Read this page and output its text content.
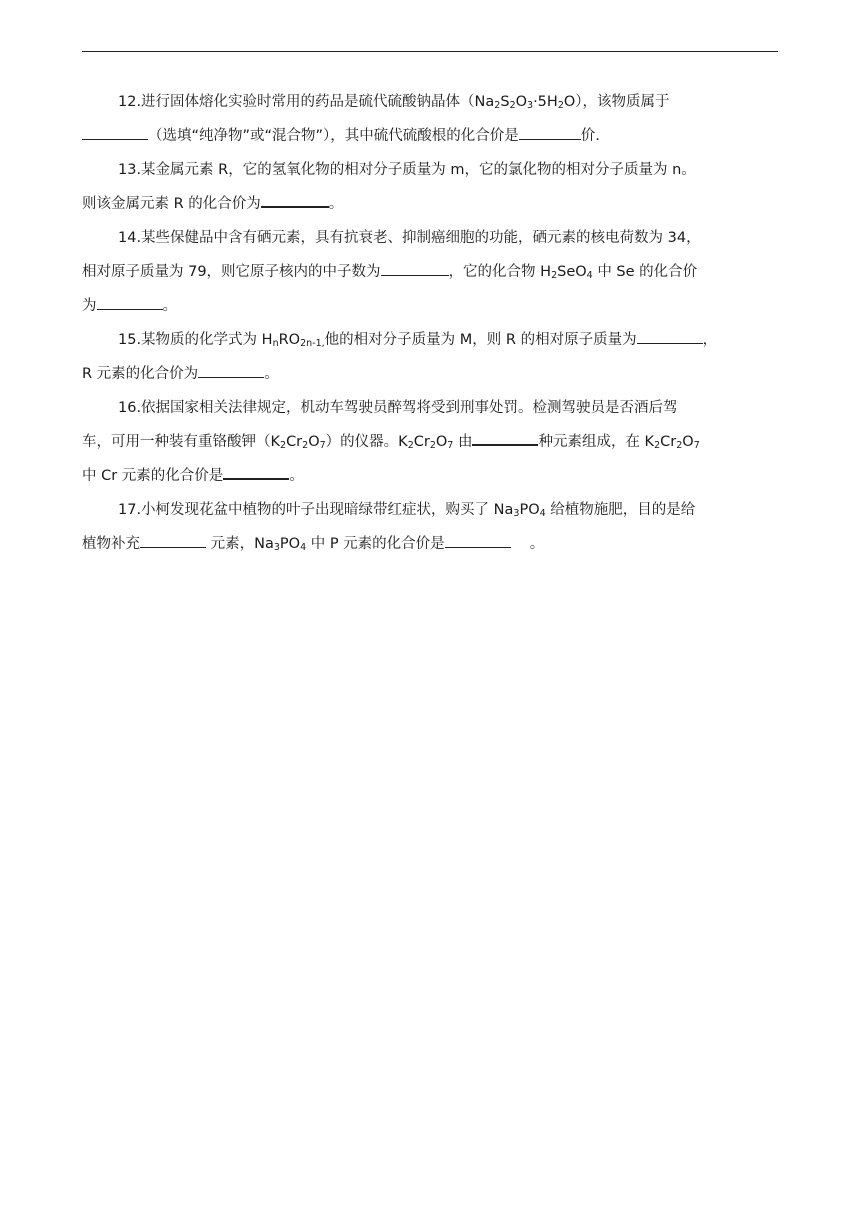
12.进行固体熔化实验时常用的药品是硫代硫酸钠晶体$(Na_2S_2O_3\cdot 5H_2O)$，该物质属于
（选填“纯净物”或“混合物”），其中硫代硫酸根的化合价是	价.
13.某金属元素 R，它的氢氧化物的相对分子质量为 m，它的氯化物的相对分子质量为 n。
则该金属元素 R 的化合价为	。
14.某些保健品中含有硒元素，具有抗衰老、抑制癌细胞的功能，硒元素的核电荷数为 34，
相对原子质量为 79，则它原子核内的中子数为	，它的化合物 $H_2SeO_4$ 中 Se 的化合价
为	。
15.某物质的化学式为 $H_nRO_{2n-1,}$他的相对分子质量为 M，则 R 的相对原子质量为	，
R 元素的化合价为	。
16.依据国家相关法律规定，机动车驾驶员醉驾将受到刑事处罚。检测驾驶员是否酒后驾
车，可用一种装有重铬酸钾$(K_2Cr_2O_7)$的仪器。$K_2Cr_2O_7$ 由	种元素组成，在 $K_2Cr_2O_7$
中 Cr 元素的化合价是	。
17.小柯发现花盆中植物的叶子出现暗绿带红症状，购买了 $Na_3PO_4$ 给植物施肥，目的是给
植物补充	元素，$Na_3PO_4$ 中 P 元素的化合价是	　 。
